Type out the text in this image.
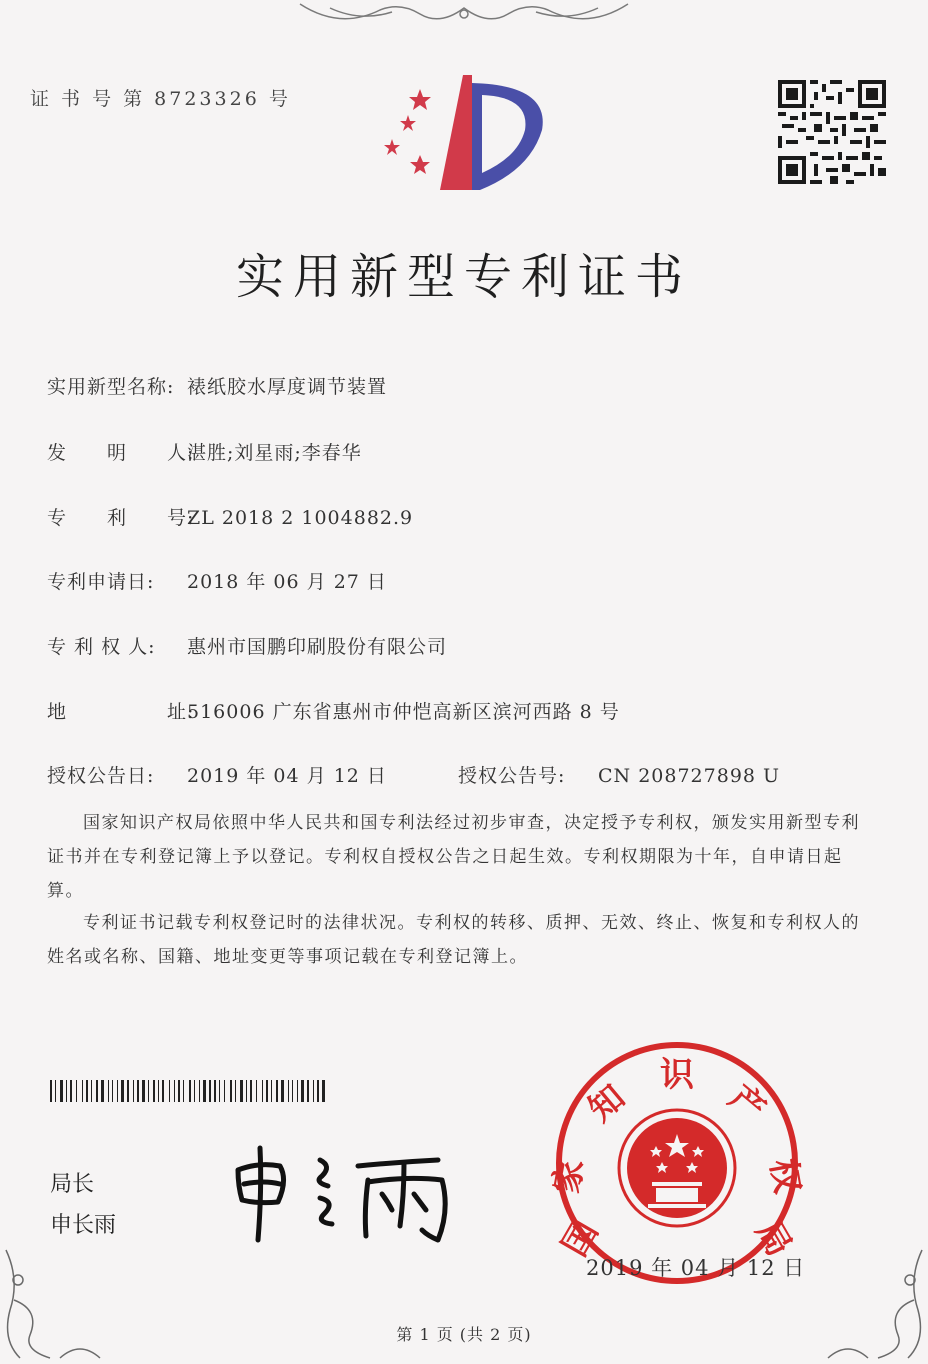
证 书 号 第 8723326 号
实用新型专利证书
实用新型名称: 裱纸胶水厚度调节装置
发　　明　　人:湛胜;刘星雨;李春华
专　　利　　号:ZL 2018 2 1004882.9
专利申请日: 2018 年 06 月 27 日
专 利 权 人: 惠州市国鹏印刷股份有限公司
地　　　　　址:516006 广东省惠州市仲恺高新区滨河西路 8 号
授权公告日: 2019 年 04 月 12 日	授权公告号: CN 208727898 U
国家知识产权局依照中华人民共和国专利法经过初步审查，决定授予专利权，颁发实用新型专利证书并在专利登记簿上予以登记。专利权自授权公告之日起生效。专利权期限为十年，自申请日起算。
专利证书记载专利权登记时的法律状况。专利权的转移、质押、无效、终止、恢复和专利权人的姓名或名称、国籍、地址变更等事项记载在专利登记簿上。
局长
申长雨	国
家
知
识
产
权
局
2019 年 04 月 12 日
第 1 页 (共 2 页)
